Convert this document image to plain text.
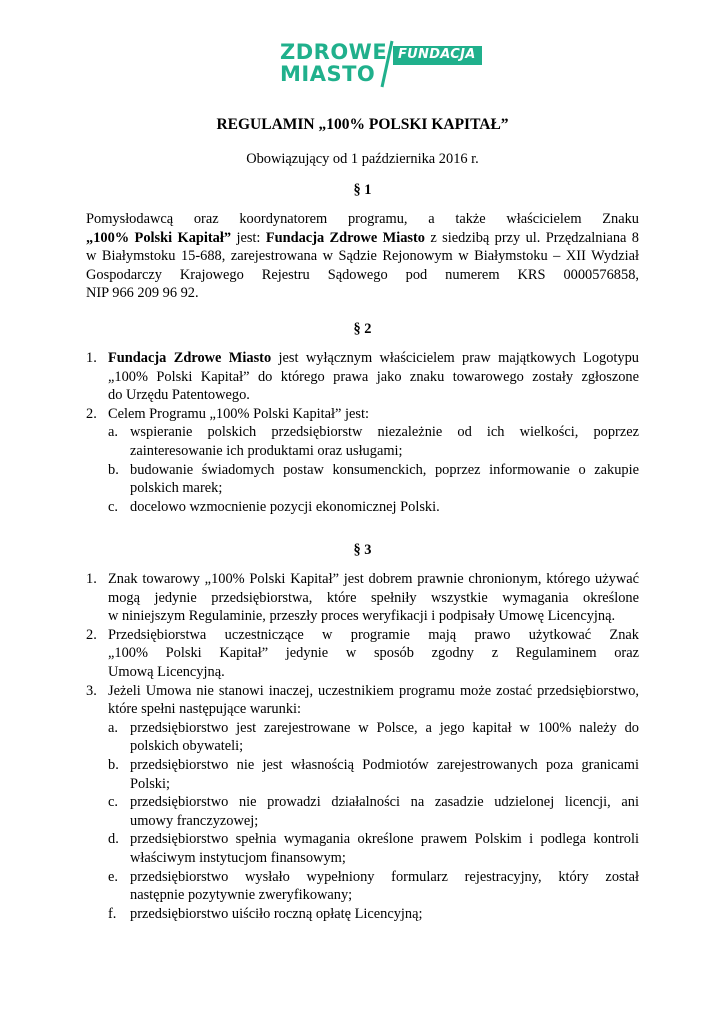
ZDROWE
MIASTO
FUNDACJA
REGULAMIN „100% POLSKI KAPITAŁ”
Obowiązujący od 1 października 2016 r.
§ 1
Pomysłodawcą oraz koordynatorem programu, a także właścicielem Znaku
„100% Polski Kapitał” jest: Fundacja Zdrowe Miasto z siedzibą przy ul. Przędzalniana 8
w Białymstoku 15-688, zarejestrowana w Sądzie Rejonowym w Białymstoku – XII Wydział
Gospodarczy Krajowego Rejestru Sądowego pod numerem KRS 0000576858,
NIP 966 209 96 92.
§ 2
1. Fundacja Zdrowe Miasto jest wyłącznym właścicielem praw majątkowych Logotypu
„100% Polski Kapitał” do którego prawa jako znaku towarowego zostały zgłoszone
do Urzędu Patentowego.
2. Celem Programu „100% Polski Kapitał” jest:
a. wspieranie polskich przedsiębiorstw niezależnie od ich wielkości, poprzez
zainteresowanie ich produktami oraz usługami;
b. budowanie świadomych postaw konsumenckich, poprzez informowanie o zakupie
polskich marek;
c. docelowo wzmocnienie pozycji ekonomicznej Polski.
§ 3
1. Znak towarowy „100% Polski Kapitał” jest dobrem prawnie chronionym, którego używać
mogą jedynie przedsiębiorstwa, które spełniły wszystkie wymagania określone
w niniejszym Regulaminie, przeszły proces weryfikacji i podpisały Umowę Licencyjną.
2. Przedsiębiorstwa uczestniczące w programie mają prawo użytkować Znak
„100% Polski Kapitał” jedynie w sposób zgodny z Regulaminem oraz
Umową Licencyjną.
3. Jeżeli Umowa nie stanowi inaczej, uczestnikiem programu może zostać przedsiębiorstwo,
które spełni następujące warunki:
a. przedsiębiorstwo jest zarejestrowane w Polsce, a jego kapitał w 100% należy do
polskich obywateli;
b. przedsiębiorstwo nie jest własnością Podmiotów zarejestrowanych poza granicami
Polski;
c. przedsiębiorstwo nie prowadzi działalności na zasadzie udzielonej licencji, ani
umowy franczyzowej;
d. przedsiębiorstwo spełnia wymagania określone prawem Polskim i podlega kontroli
właściwym instytucjom finansowym;
e. przedsiębiorstwo wysłało wypełniony formularz rejestracyjny, który został
następnie pozytywnie zweryfikowany;
f. przedsiębiorstwo uiściło roczną opłatę Licencyjną;
